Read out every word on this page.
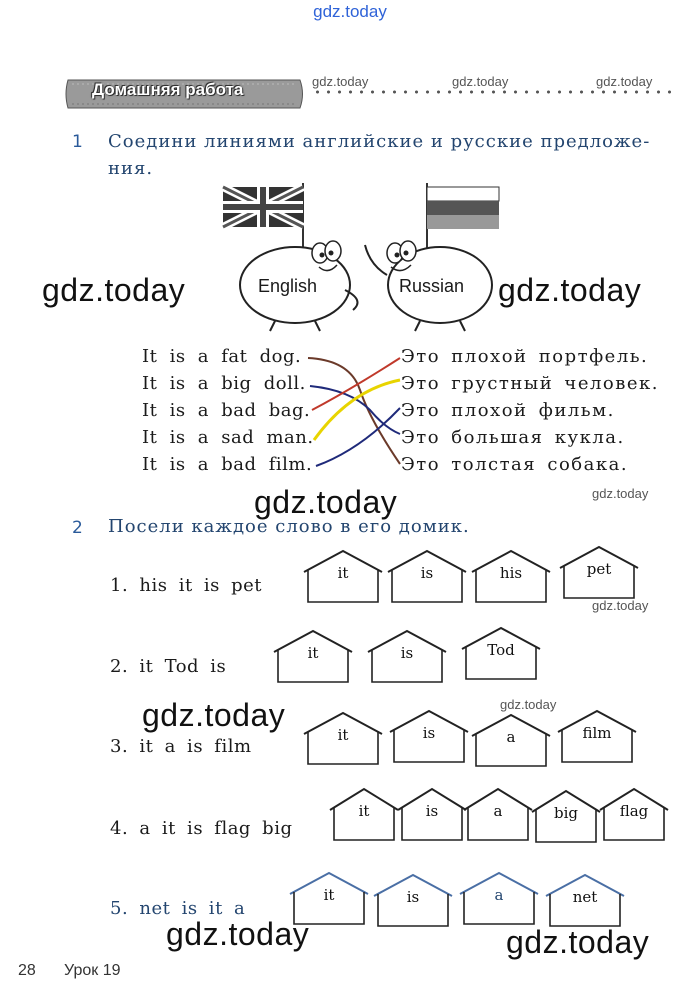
gdz.today
Домашняя работа	gdz.today	gdz.today	gdz.today
1 Соедини линиями английские и русские предложе-
ния.
English	Russian
gdz.today	gdz.today
It is a fat dog.
It is a big doll.
It is a bad bag.
It is a sad man.
It is a bad film.
Это плохой портфель.
Это грустный человек.
Это плохой фильм.
Это большая кукла.
Это толстая собака.
gdz.today
gdz.today
2 Посели каждое слово в его домик.
1. his it is pet
2. it Tod is
3. it a is film
4. a it is flag big
5. net is it a
it	is	his	pet
gdz.today
it	is	Tod
gdz.today	gdz.today
it	is	a	film
it	is	a	big	flag
it	is	a	net
gdz.today	gdz.today
28 Урок 19
